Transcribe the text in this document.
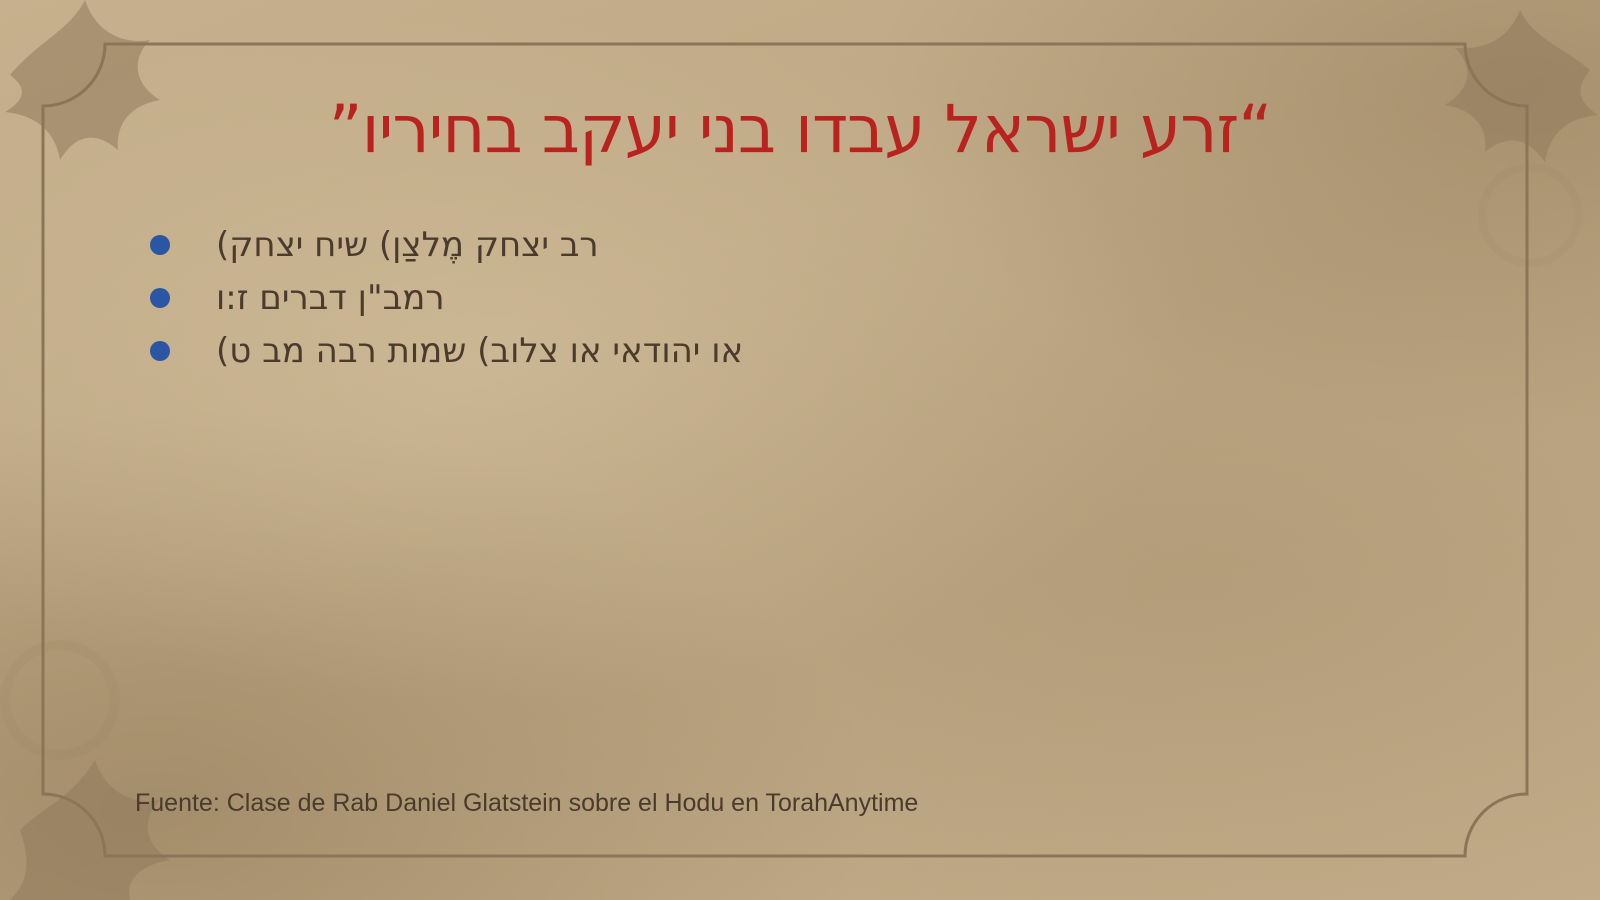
“זרע ישראל עבדו בני יעקב בחיריו”
רב יצחק מֶלצַן) שיח יצחק)
רמב"ן דברים ז:ו
או יהודאי או צלוב) שמות רבה מב ט)

Fuente: Clase de Rab Daniel Glatstein sobre el Hodu en TorahAnytime
